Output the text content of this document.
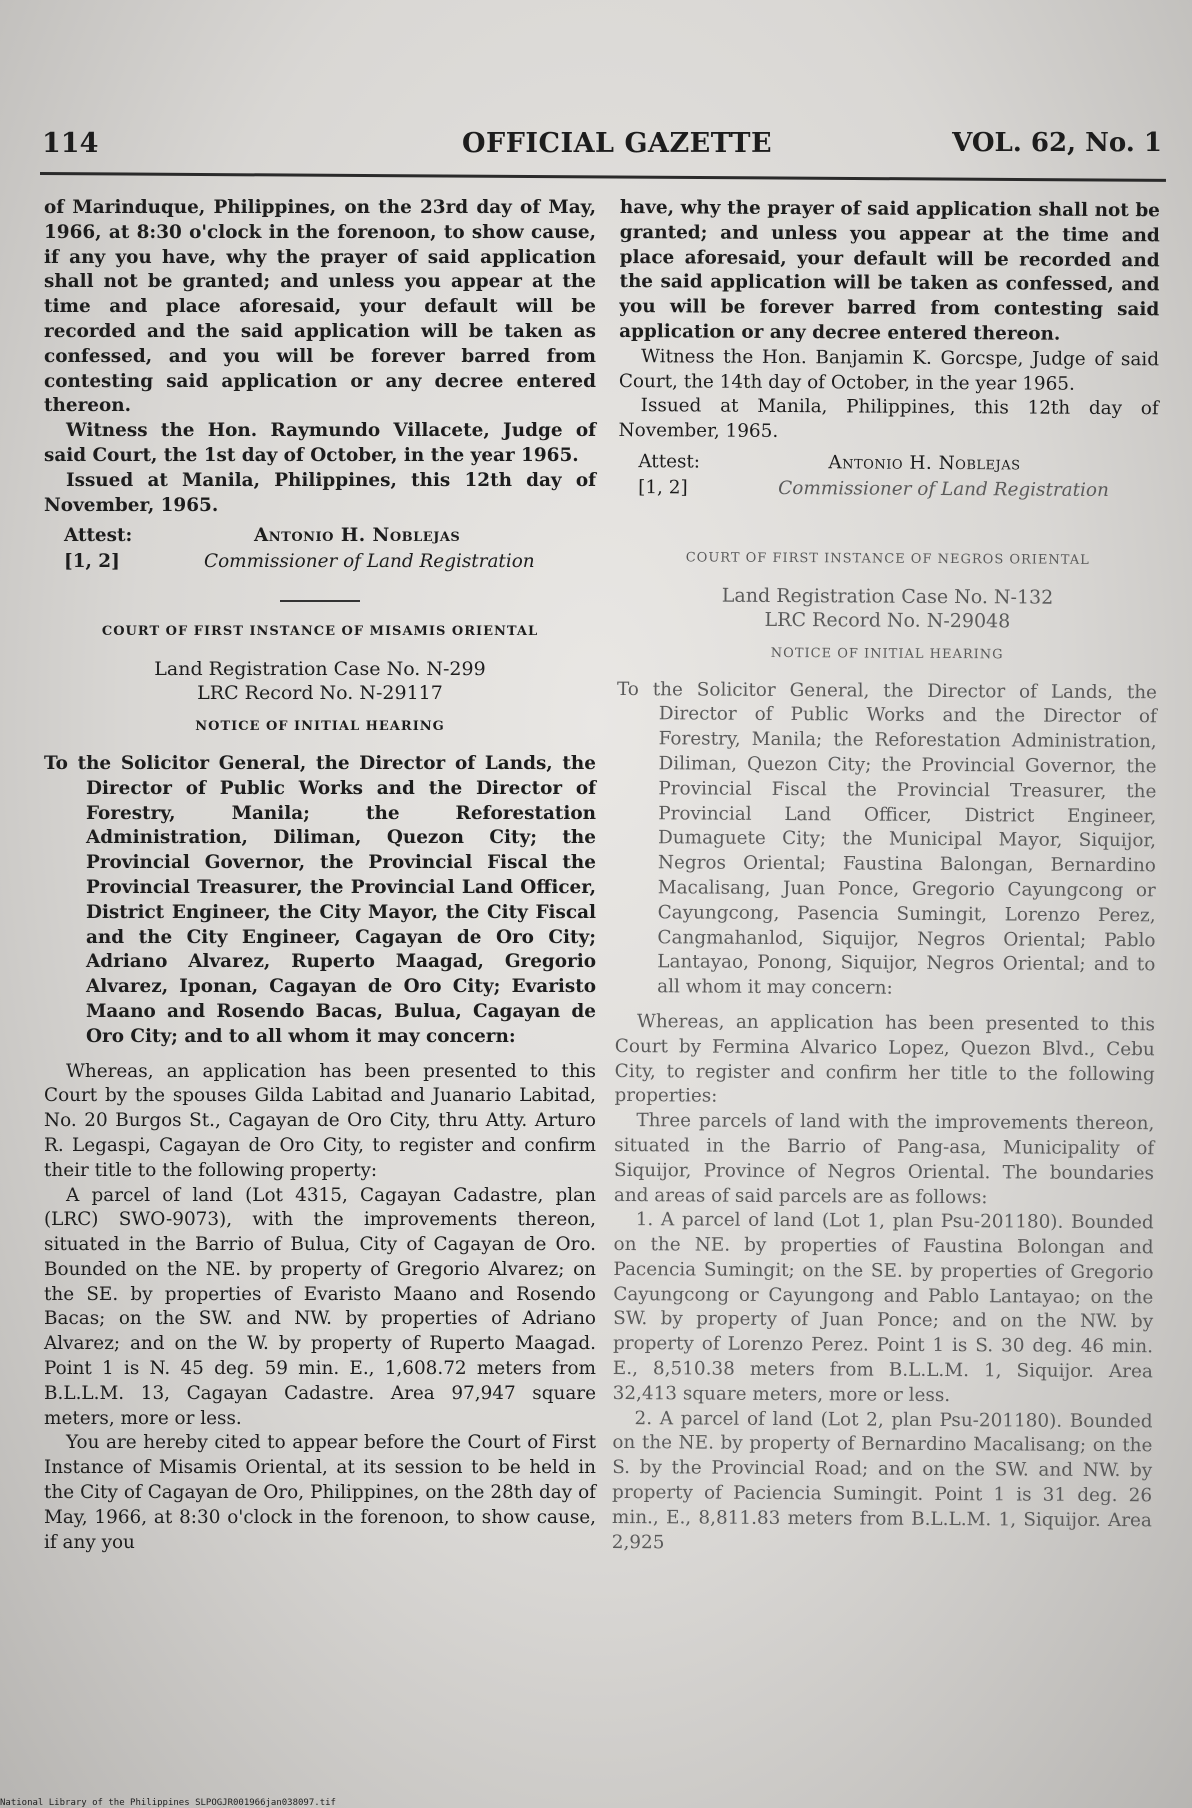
114	OFFICIAL GAZETTE	VOL. 62, No. 1

of Marinduque, Philippines, on the 23rd day of May, 1966, at 8:30 o'clock in the forenoon, to show cause, if any you have, why the prayer of said application shall not be granted; and unless you appear at the time and place aforesaid, your default will be recorded and the said application will be taken as confessed, and you will be forever barred from contesting said application or any decree entered thereon.

Witness the Hon. Raymundo Villacete, Judge of said Court, the 1st day of October, in the year 1965.

Issued at Manila, Philippines, this 12th day of November, 1965.

Attest:
[1, 2]
Antonio H. Noblejas
Commissioner of Land Registration

COURT OF FIRST INSTANCE OF MISAMIS ORIENTAL

Land Registration Case No. N-299

LRC Record No. N-29117

NOTICE OF INITIAL HEARING

To the Solicitor General, the Director of Lands, the Director of Public Works and the Director of Forestry, Manila; the Reforestation Administration, Diliman, Quezon City; the Provincial Governor, the Provincial Fiscal the Provincial Treasurer, the Provincial Land Officer, District Engineer, the City Mayor, the City Fiscal and the City Engineer, Cagayan de Oro City; Adriano Alvarez, Ruperto Maagad, Gregorio Alvarez, Iponan, Cagayan de Oro City; Evaristo Maano and Rosendo Bacas, Bulua, Cagayan de Oro City; and to all whom it may concern:

Whereas, an application has been presented to this Court by the spouses Gilda Labitad and Juanario Labitad, No. 20 Burgos St., Cagayan de Oro City, thru Atty. Arturo R. Legaspi, Cagayan de Oro City, to register and confirm their title to the following property:

A parcel of land (Lot 4315, Cagayan Cadastre, plan (LRC) SWO-9073), with the improvements thereon, situated in the Barrio of Bulua, City of Cagayan de Oro. Bounded on the NE. by property of Gregorio Alvarez; on the SE. by properties of Evaristo Maano and Rosendo Bacas; on the SW. and NW. by properties of Adriano Alvarez; and on the W. by property of Ruperto Maagad. Point 1 is N. 45 deg. 59 min. E., 1,608.72 meters from B.L.L.M. 13, Cagayan Cadastre. Area 97,947 square meters, more or less.

You are hereby cited to appear before the Court of First Instance of Misamis Oriental, at its session to be held in the City of Cagayan de Oro, Philippines, on the 28th day of May, 1966, at 8:30 o'clock in the forenoon, to show cause, if any you

have, why the prayer of said application shall not be granted; and unless you appear at the time and place aforesaid, your default will be recorded and the said application will be taken as confessed, and you will be forever barred from contesting said application or any decree entered thereon.

Witness the Hon. Banjamin K. Gorcspe, Judge of said Court, the 14th day of October, in the year 1965.

Issued at Manila, Philippines, this 12th day of November, 1965.

Attest:
[1, 2]
Antonio H. Noblejas
Commissioner of Land Registration

COURT OF FIRST INSTANCE OF NEGROS ORIENTAL

Land Registration Case No. N-132

LRC Record No. N-29048

NOTICE OF INITIAL HEARING

To the Solicitor General, the Director of Lands, the Director of Public Works and the Director of Forestry, Manila; the Reforestation Administration, Diliman, Quezon City; the Provincial Governor, the Provincial Fiscal the Provincial Treasurer, the Provincial Land Officer, District Engineer, Dumaguete City; the Municipal Mayor, Siquijor, Negros Oriental; Faustina Balongan, Bernardino Macalisang, Juan Ponce, Gregorio Cayungcong or Cayungcong, Pasencia Sumingit, Lorenzo Perez, Cangmahanlod, Siquijor, Negros Oriental; Pablo Lantayao, Ponong, Siquijor, Negros Oriental; and to all whom it may concern:

Whereas, an application has been presented to this Court by Fermina Alvarico Lopez, Quezon Blvd., Cebu City, to register and confirm her title to the following properties:

Three parcels of land with the improvements thereon, situated in the Barrio of Pang-asa, Municipality of Siquijor, Province of Negros Oriental. The boundaries and areas of said parcels are as follows:

1. A parcel of land (Lot 1, plan Psu-201180). Bounded on the NE. by properties of Faustina Bolongan and Pacencia Sumingit; on the SE. by properties of Gregorio Cayungcong or Cayungong and Pablo Lantayao; on the SW. by property of Juan Ponce; and on the NW. by property of Lorenzo Perez. Point 1 is S. 30 deg. 46 min. E., 8,510.38 meters from B.L.L.M. 1, Siquijor. Area 32,413 square meters, more or less.

2. A parcel of land (Lot 2, plan Psu-201180). Bounded on the NE. by property of Bernardino Macalisang; on the S. by the Provincial Road; and on the SW. and NW. by property of Paciencia Sumingit. Point 1 is 31 deg. 26 min., E., 8,811.83 meters from B.L.L.M. 1, Siquijor. Area 2,925

National Library of the Philippines SLPOGJR001966jan038097.tif
